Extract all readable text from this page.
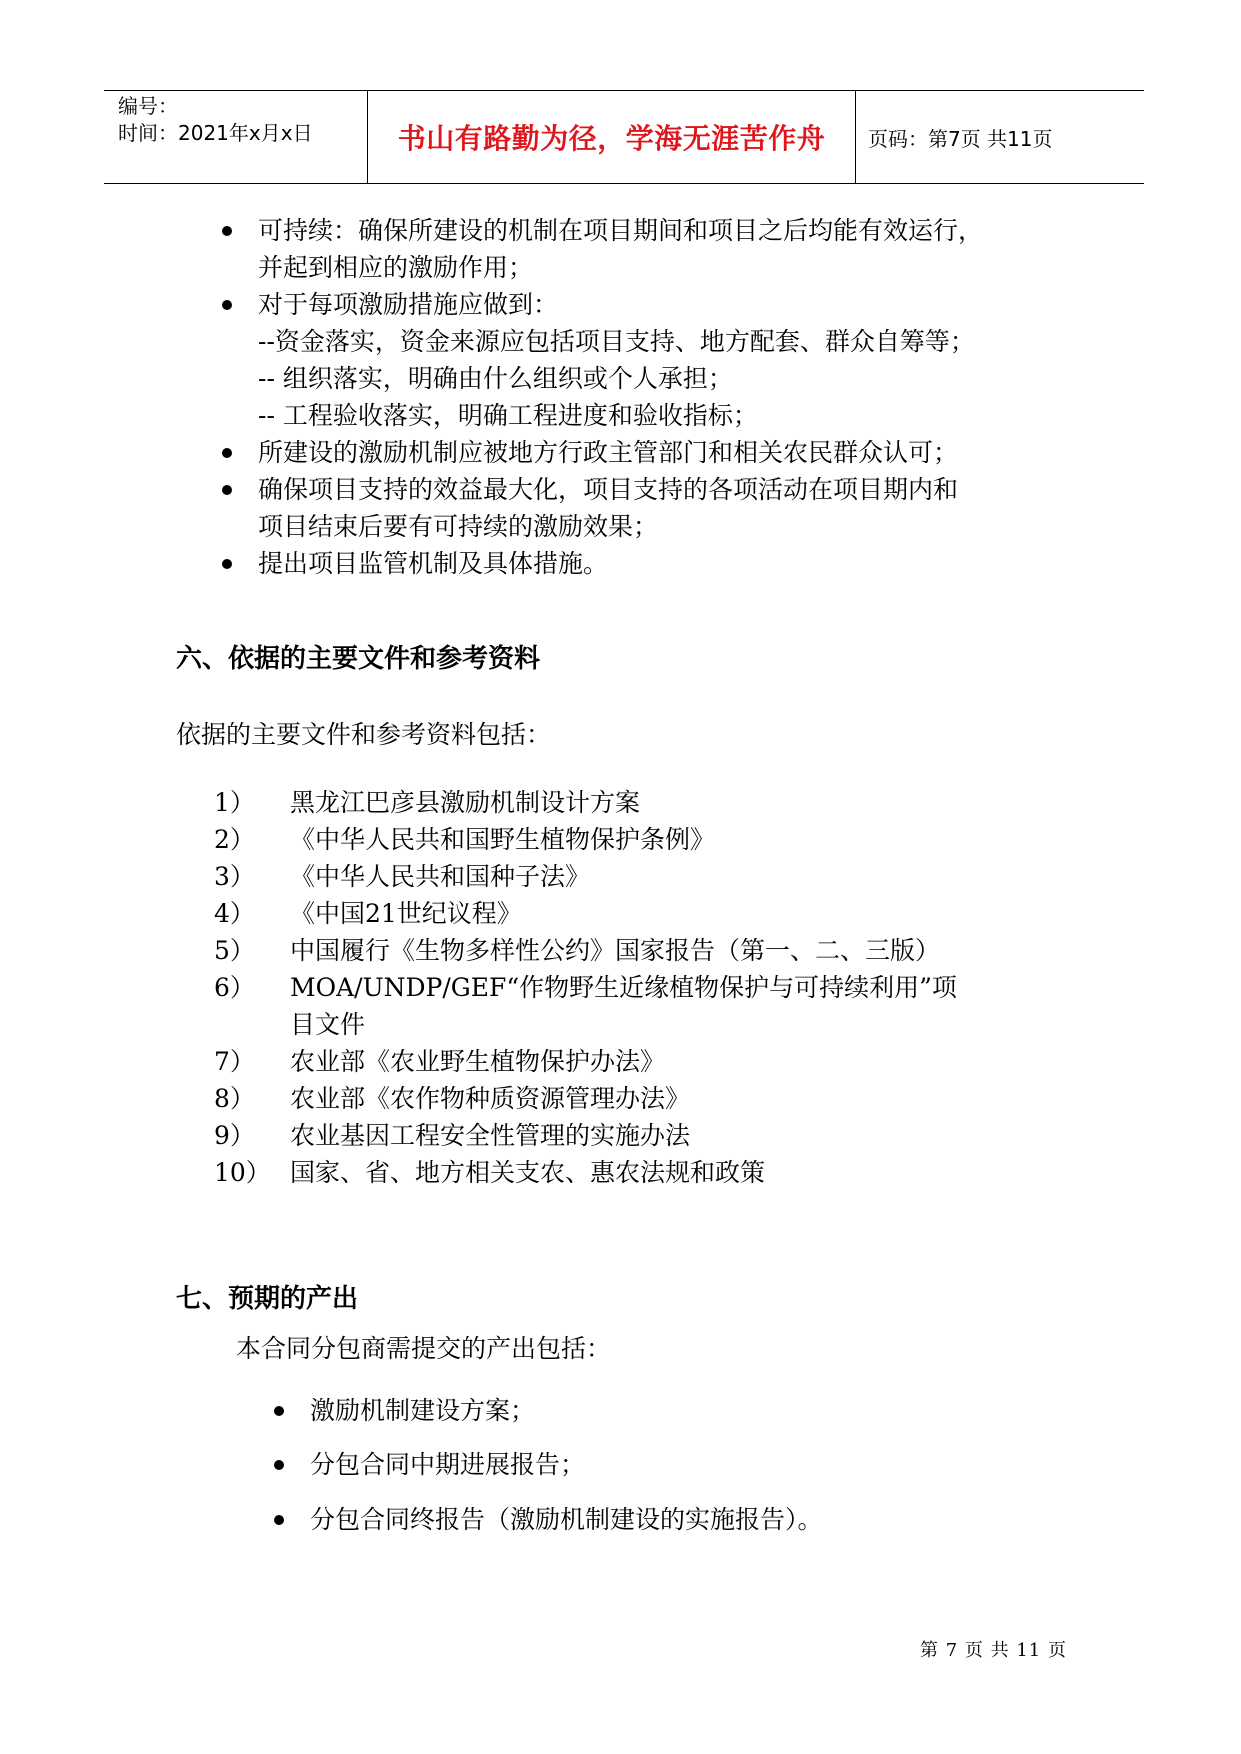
编号：
时间：2021年x月x日	书山有路勤为径，学海无涯苦作舟	页码：第7页 共11页
可持续：确保所建设的机制在项目期间和项目之后均能有效运行，
并起到相应的激励作用；
对于每项激励措施应做到：
--资金落实，资金来源应包括项目支持、地方配套、群众自筹等；
-- 组织落实，明确由什么组织或个人承担；
-- 工程验收落实，明确工程进度和验收指标；
所建设的激励机制应被地方行政主管部门和相关农民群众认可；
确保项目支持的效益最大化，项目支持的各项活动在项目期内和
项目结束后要有可持续的激励效果；
提出项目监管机制及具体措施。
六、依据的主要文件和参考资料
依据的主要文件和参考资料包括：
1） 黑龙江巴彦县激励机制设计方案
2） 《中华人民共和国野生植物保护条例》
3） 《中华人民共和国种子法》
4） 《中国21世纪议程》
5） 中国履行《生物多样性公约》国家报告（第一、二、三版）
6） MOA/UNDP/GEF“作物野生近缘植物保护与可持续利用”项
目文件
7） 农业部《农业野生植物保护办法》
8） 农业部《农作物种质资源管理办法》
9） 农业基因工程安全性管理的实施办法
10） 国家、省、地方相关支农、惠农法规和政策
七、预期的产出
本合同分包商需提交的产出包括：
激励机制建设方案；
分包合同中期进展报告；
分包合同终报告（激励机制建设的实施报告）。
第 7 页 共 11 页
